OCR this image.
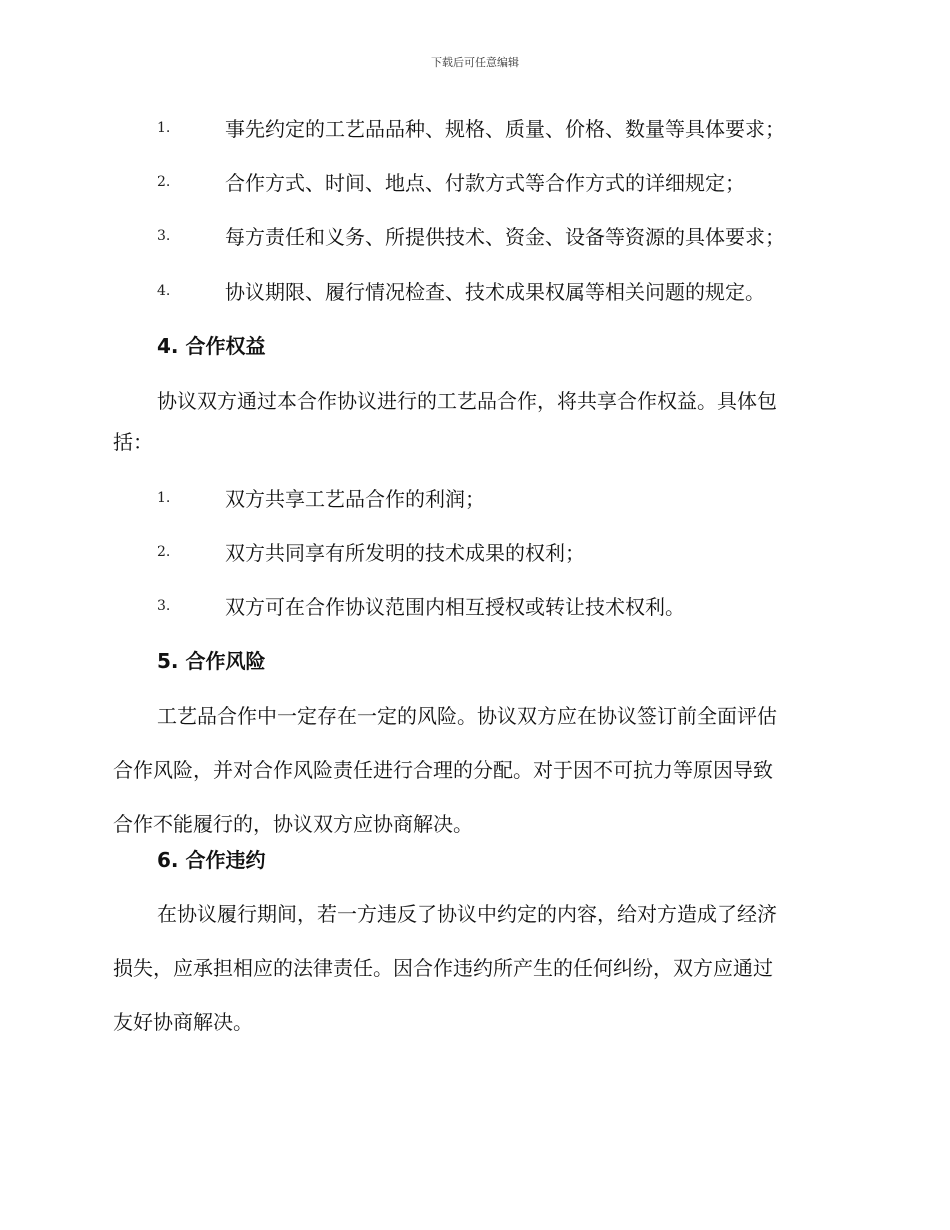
下载后可任意编辑
1.	事先约定的工艺品品种、规格、质量、价格、数量等具体要求；
2.	合作方式、时间、地点、付款方式等合作方式的详细规定；
3.	每方责任和义务、所提供技术、资金、设备等资源的具体要求；
4.	协议期限、履行情况检查、技术成果权属等相关问题的规定。
4. 合作权益
协议双方通过本合作协议进行的工艺品合作，将共享合作权益。具体包
括：
1.	双方共享工艺品合作的利润；
2.	双方共同享有所发明的技术成果的权利；
3.	双方可在合作协议范围内相互授权或转让技术权利。
5. 合作风险
工艺品合作中一定存在一定的风险。协议双方应在协议签订前全面评估
合作风险，并对合作风险责任进行合理的分配。对于因不可抗力等原因导致
合作不能履行的，协议双方应协商解决。
6. 合作违约
在协议履行期间，若一方违反了协议中约定的内容，给对方造成了经济
损失，应承担相应的法律责任。因合作违约所产生的任何纠纷，双方应通过
友好协商解决。
